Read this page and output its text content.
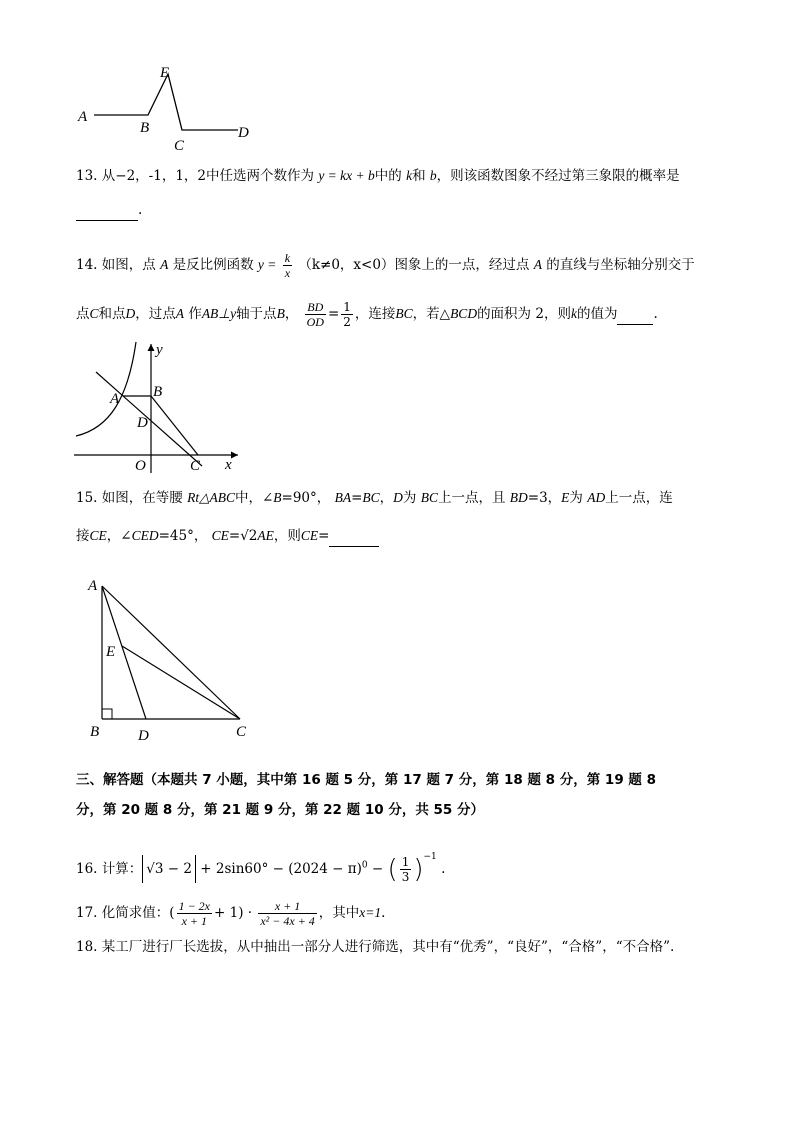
A
B
E
C
D
13. 从−2，-1，1，2中任选两个数作为 y = kx + b中的 k和 b，则该函数图象不经过第三象限的概率是
.
14. 如图，点 A 是反比例函数 $y = \frac{k}{x} (k\ne 0$，x<0）图象上的一点，经过点 A 的直线与坐标轴分别交于
点C和点D，过点A 作AB⊥y轴于点B， $\frac{BD}{OD} = \frac{1}{2}$ ，连接BC，若△BCD的面积为 2，则k的值为	.
y
B
A
D
O	C x
15. 如图，在等腰 Rt△ABC中，∠B=90°， BA=BC，D为 BC上一点，且 BD=3，E为 AD上一点，连
接CE，∠CED=45°， CE=√2AE，则CE=
A
E
B	D	C
三、解答题（本题共 7 小题，其中第 16 题 5 分，第 17 题 7 分，第 18 题 8 分，第 19 题 8
分，第 20 题 8 分，第 21 题 9 分，第 22 题 10 分，共 55 分）
16. 计算： $√3 - 2 + 2\sin 60^\circ - (2024 - \pi)^0$ − ( $\frac{1}{3} )^{-1}$ .
17. 化简求值：( $\frac{1 - 2x}{x + 1} + 1) \cdot \frac{x + 1}{\text{x² − 4x + 4}}$ ，其中x=1.
18. 某工厂进行厂长选拔，从中抽出一部分人进行筛选，其中有“优秀”，“良好”，“合格”，“不合格”.
